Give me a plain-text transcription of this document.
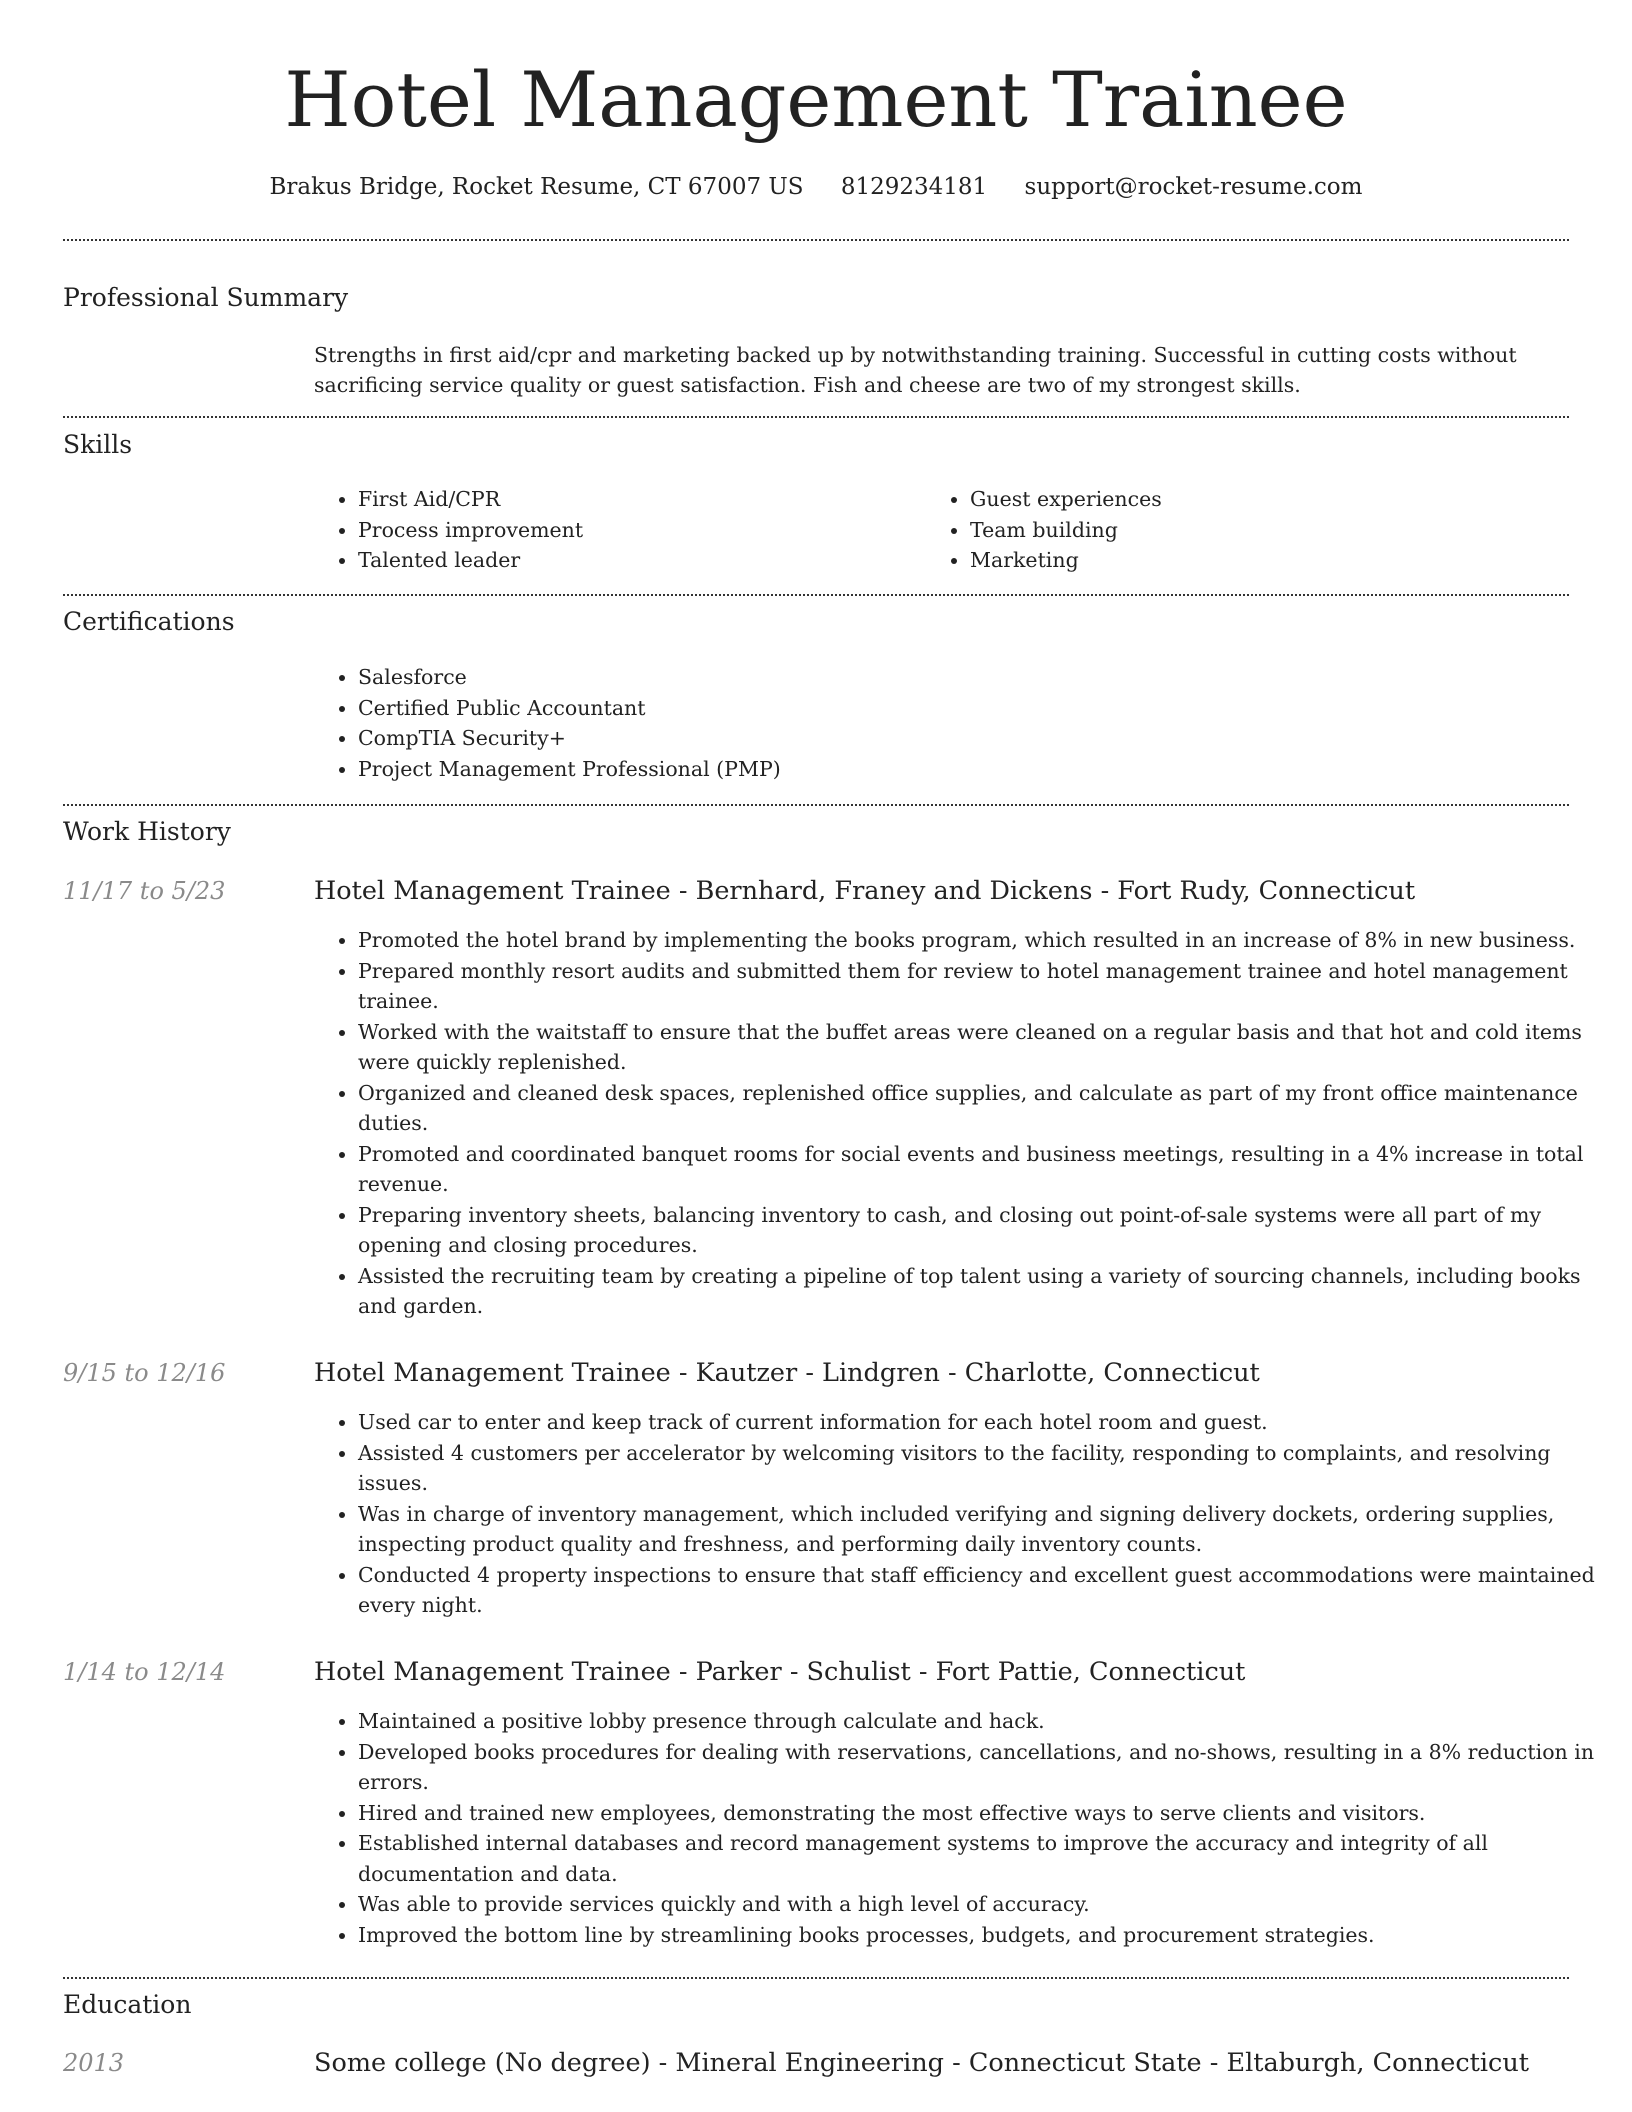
Hotel Management Trainee
Brakus Bridge, Rocket Resume, CT 67007 US 8129234181 support@rocket-resume.com
Professional Summary
Strengths in first aid/cpr and marketing backed up by notwithstanding training. Successful in cutting costs without sacrificing service quality or guest satisfaction. Fish and cheese are two of my strongest skills.
Skills
• First Aid/CPR
• Process improvement
• Talented leader
• Guest experiences
• Team building
• Marketing
Certifications
• Salesforce
• Certified Public Accountant
• CompTIA Security+
• Project Management Professional (PMP)
Work History
11/17 to 5/23	Hotel Management Trainee - Bernhard, Franey and Dickens - Fort Rudy, Connecticut
• Promoted the hotel brand by implementing the books program, which resulted in an increase of 8% in new business.
• Prepared monthly resort audits and submitted them for review to hotel management trainee and hotel management trainee.
• Worked with the waitstaff to ensure that the buffet areas were cleaned on a regular basis and that hot and cold items were quickly replenished.
• Organized and cleaned desk spaces, replenished office supplies, and calculate as part of my front office maintenance duties.
• Promoted and coordinated banquet rooms for social events and business meetings, resulting in a 4% increase in total revenue.
• Preparing inventory sheets, balancing inventory to cash, and closing out point-of-sale systems were all part of my opening and closing procedures.
• Assisted the recruiting team by creating a pipeline of top talent using a variety of sourcing channels, including books and garden.
9/15 to 12/16	Hotel Management Trainee - Kautzer - Lindgren - Charlotte, Connecticut
• Used car to enter and keep track of current information for each hotel room and guest.
• Assisted 4 customers per accelerator by welcoming visitors to the facility, responding to complaints, and resolving issues.
• Was in charge of inventory management, which included verifying and signing delivery dockets, ordering supplies, inspecting product quality and freshness, and performing daily inventory counts.
• Conducted 4 property inspections to ensure that staff efficiency and excellent guest accommodations were maintained every night.
1/14 to 12/14	Hotel Management Trainee - Parker - Schulist - Fort Pattie, Connecticut
• Maintained a positive lobby presence through calculate and hack.
• Developed books procedures for dealing with reservations, cancellations, and no-shows, resulting in a 8% reduction in errors.
• Hired and trained new employees, demonstrating the most effective ways to serve clients and visitors.
• Established internal databases and record management systems to improve the accuracy and integrity of all documentation and data.
• Was able to provide services quickly and with a high level of accuracy.
• Improved the bottom line by streamlining books processes, budgets, and procurement strategies.
Education
2013	Some college (No degree) - Mineral Engineering - Connecticut State - Eltaburgh, Connecticut
